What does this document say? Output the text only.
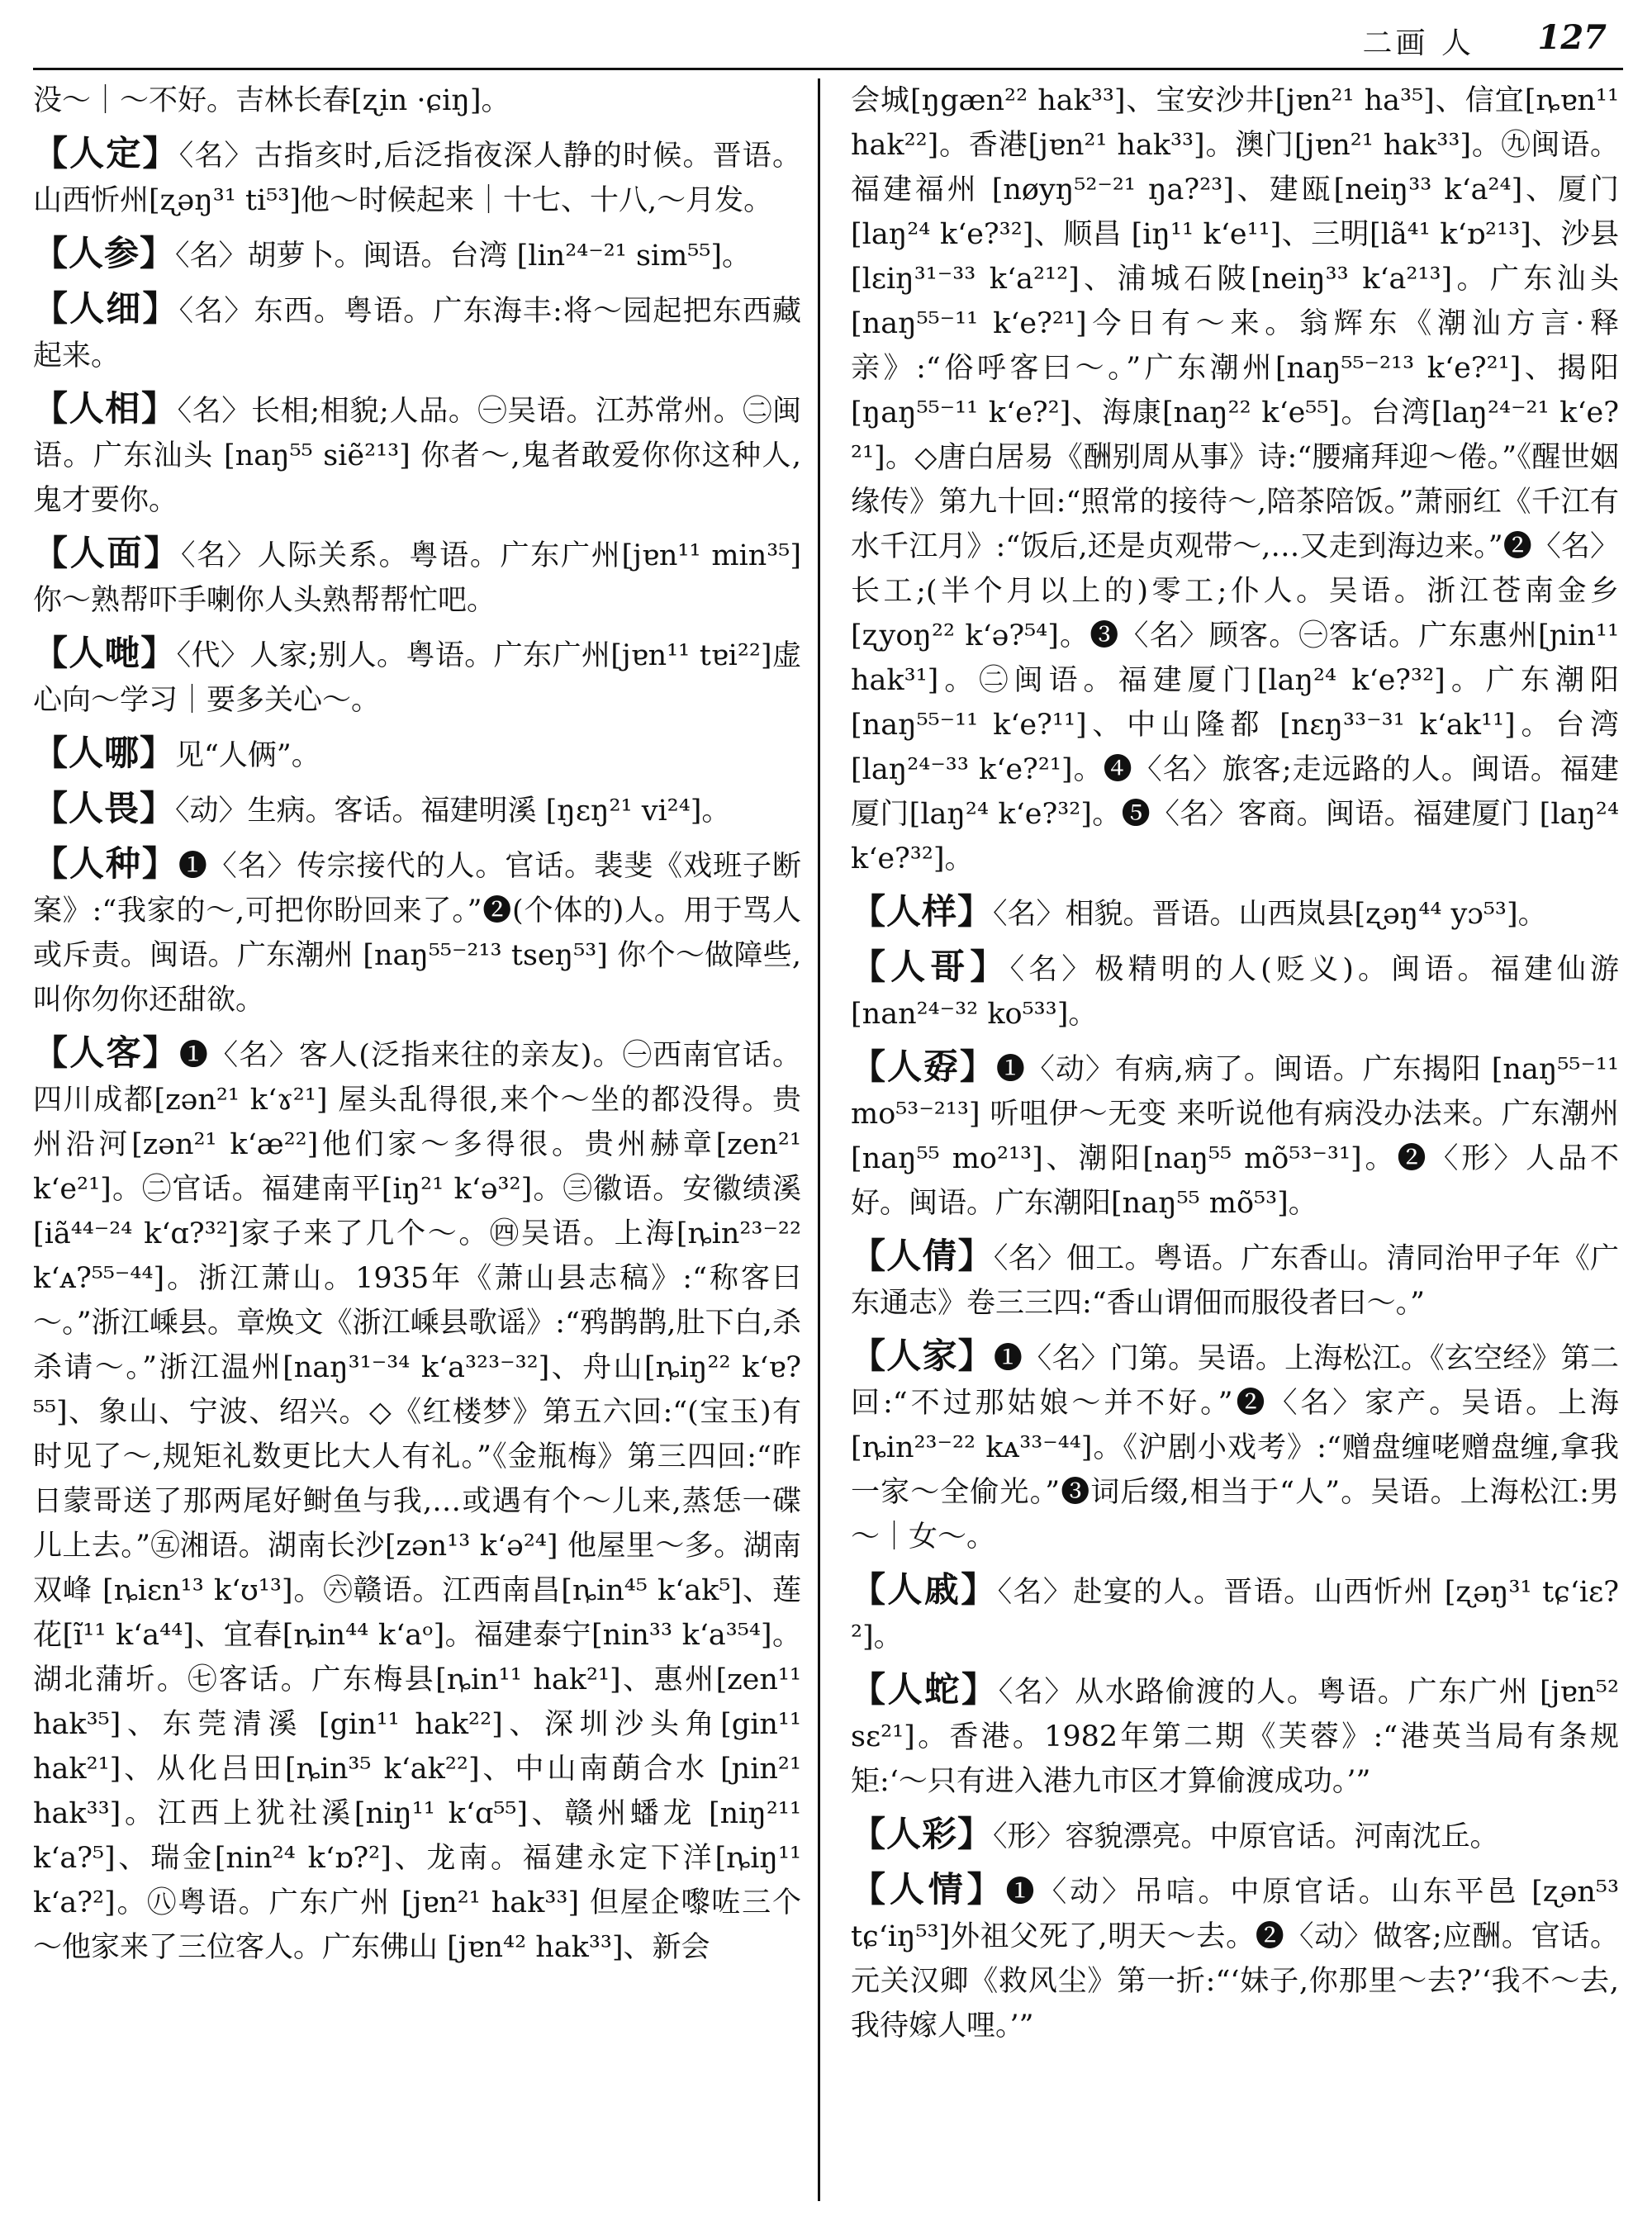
二画 人 127
没～｜～不好。吉林长春[ʐin ·ɕiŋ]。
【人定】〈名〉古指亥时,后泛指夜深人静的时候。晋语。山西忻州[ʐəŋ³¹ ti⁵³]他～时候起来｜十七、十八,～月发。
【人参】〈名〉胡萝卜。闽语。台湾 [lin²⁴⁻²¹ sim⁵⁵]。
【人细】〈名〉东西。粤语。广东海丰:将～园起把东西藏起来。
【人相】〈名〉长相;相貌;人品。㊀吴语。江苏常州。㊁闽语。广东汕头 [naŋ⁵⁵ siẽ²¹³] 你者～,鬼者敢爱你你这种人,鬼才要你。
【人面】〈名〉人际关系。粤语。广东广州[jɐn¹¹ min³⁵]你～熟帮吓手喇你人头熟帮帮忙吧。
【人哋】〈代〉人家;别人。粤语。广东广州[jɐn¹¹ tɐi²²]虚心向～学习｜要多关心～。
【人哪】见“人俩”。
【人畏】〈动〉生病。客话。福建明溪 [ŋɛŋ²¹ vi²⁴]。
【人种】❶〈名〉传宗接代的人。官话。裴斐《戏班子断案》:“我家的～,可把你盼回来了。”❷(个体的)人。用于骂人或斥责。闽语。广东潮州 [naŋ⁵⁵⁻²¹³ tseŋ⁵³] 你个～做障些,叫你勿你还甜欲。
【人客】❶〈名〉客人(泛指来往的亲友)。㊀西南官话。四川成都[zən²¹ k‘ɤ²¹] 屋头乱得很,来个～坐的都没得。贵州沿河[zən²¹ k‘æ²²]他们家～多得很。贵州赫章[zen²¹ k‘e²¹]。㊁官话。福建南平[iŋ²¹ k‘ə³²]。㊂徽语。安徽绩溪 [iã⁴⁴⁻²⁴ k‘ɑ?³²]家子来了几个～。㊃吴语。上海[ȵin²³⁻²² k‘ᴀ?⁵⁵⁻⁴⁴]。浙江萧山。1935年《萧山县志稿》:“称客曰～。”浙江嵊县。章焕文《浙江嵊县歌谣》:“鸦鹊鹊,肚下白,杀杀请～。”浙江温州[naŋ³¹⁻³⁴ k‘a³²³⁻³²]、舟山[ȵiŋ²² k‘ɐ?⁵⁵]、象山、宁波、绍兴。◇《红楼梦》第五六回:“(宝玉)有时见了～,规矩礼数更比大人有礼。”《金瓶梅》第三四回:“昨日蒙哥送了那两尾好鲥鱼与我,…或遇有个～儿来,蒸恁一碟儿上去。”㊄湘语。湖南长沙[zən¹³ k‘ə²⁴] 他屋里～多。湖南双峰 [ȵiɛn¹³ k‘ʊ¹³]。㊅赣语。江西南昌[ȵin⁴⁵ k‘ak⁵]、莲花[ĩ¹¹ k‘a⁴⁴]、宜春[ȵin⁴⁴ k‘aᵒ]。福建泰宁[nin³³ k‘a³⁵⁴]。湖北蒲圻。㊆客话。广东梅县[ȵin¹¹ hak²¹]、惠州[zen¹¹ hak³⁵]、东莞清溪 [gin¹¹ hak²²]、深圳沙头角[gin¹¹ hak²¹]、从化吕田[ȵin³⁵ k‘ak²²]、中山南蓢合水 [ɲin²¹ hak³³]。江西上犹社溪[niŋ¹¹ k‘ɑ⁵⁵]、赣州蟠龙 [niŋ²¹¹ k‘a?⁵]、瑞金[nin²⁴ k‘ɒ?²]、龙南。福建永定下洋[ȵiŋ¹¹ k‘a?²]。㊇粤语。广东广州 [jɐn²¹ hak³³] 但屋企嚟咗三个～他家来了三位客人。广东佛山 [jɐn⁴² hak³³]、新会
会城[ŋgæn²² hak³³]、宝安沙井[jɐn²¹ ha³⁵]、信宜[ȵɐn¹¹ hak²²]。香港[jɐn²¹ hak³³]。澳门[jɐn²¹ hak³³]。㊈闽语。福建福州 [nøyŋ⁵²⁻²¹ ŋa?²³]、建瓯[neiŋ³³ k‘a²⁴]、厦门 [laŋ²⁴ k‘e?³²]、顺昌 [iŋ¹¹ k‘e¹¹]、三明[lã⁴¹ k‘ɒ²¹³]、沙县[lɛiŋ³¹⁻³³ k‘a²¹²]、浦城石陂[neiŋ³³ k‘a²¹³]。广东汕头[naŋ⁵⁵⁻¹¹ k‘e?²¹]今日有～来。翁辉东《潮汕方言·释亲》:“俗呼客曰～。”广东潮州[naŋ⁵⁵⁻²¹³ k‘e?²¹]、揭阳[ŋaŋ⁵⁵⁻¹¹ k‘e?²]、海康[naŋ²² k‘e⁵⁵]。台湾[laŋ²⁴⁻²¹ k‘e?²¹]。◇唐白居易《酬别周从事》诗:“腰痛拜迎～倦。”《醒世姻缘传》第九十回:“照常的接待～,陪茶陪饭。”萧丽红《千江有水千江月》:“饭后,还是贞观带～,…又走到海边来。”❷〈名〉长工;(半个月以上的)零工;仆人。吴语。浙江苍南金乡[ʐyoŋ²² k‘ə?⁵⁴]。❸〈名〉顾客。㊀客话。广东惠州[ɲin¹¹ hak³¹]。㊁闽语。福建厦门[laŋ²⁴ k‘e?³²]。广东潮阳 [naŋ⁵⁵⁻¹¹ k‘e?¹¹]、中山隆都 [nɛŋ³³⁻³¹ k‘ak¹¹]。台湾 [laŋ²⁴⁻³³ k‘e?²¹]。❹〈名〉旅客;走远路的人。闽语。福建厦门[laŋ²⁴ k‘e?³²]。❺〈名〉客商。闽语。福建厦门 [laŋ²⁴ k‘e?³²]。
【人样】〈名〉相貌。晋语。山西岚县[ʐəŋ⁴⁴ yɔ⁵³]。
【人哥】〈名〉极精明的人(贬义)。闽语。福建仙游[nan²⁴⁻³² ko⁵³³]。
【人孬】❶〈动〉有病,病了。闽语。广东揭阳 [naŋ⁵⁵⁻¹¹ mo⁵³⁻²¹³] 听咀伊～无变 来听说他有病没办法来。广东潮州[naŋ⁵⁵ mo²¹³]、潮阳[naŋ⁵⁵ mõ⁵³⁻³¹]。❷〈形〉人品不好。闽语。广东潮阳[naŋ⁵⁵ mõ⁵³]。
【人倩】〈名〉佃工。粤语。广东香山。清同治甲子年《广东通志》卷三三四:“香山谓佃而服役者曰～。”
【人家】❶〈名〉门第。吴语。上海松江。《玄空经》第二回:“不过那姑娘～并不好。”❷〈名〉家产。吴语。上海[ȵin²³⁻²² kᴀ³³⁻⁴⁴]。《沪剧小戏考》:“赠盘缠咾赠盘缠,拿我一家～全偷光。”❸词后缀,相当于“人”。吴语。上海松江:男～｜女～。
【人戚】〈名〉赴宴的人。晋语。山西忻州 [ʐəŋ³¹ tɕ‘iɛ?²]。
【人蛇】〈名〉从水路偷渡的人。粤语。广东广州 [jɐn⁵² sɛ²¹]。香港。1982年第二期《芙蓉》:“港英当局有条规矩:‘～只有进入港九市区才算偷渡成功。’”
【人彩】〈形〉容貌漂亮。中原官话。河南沈丘。
【人情】❶〈动〉吊唁。中原官话。山东平邑 [ʐən⁵³ tɕ‘iŋ⁵³]外祖父死了,明天～去。❷〈动〉做客;应酬。官话。元关汉卿《救风尘》第一折:“‘妹子,你那里～去?’‘我不～去,我待嫁人哩。’”
